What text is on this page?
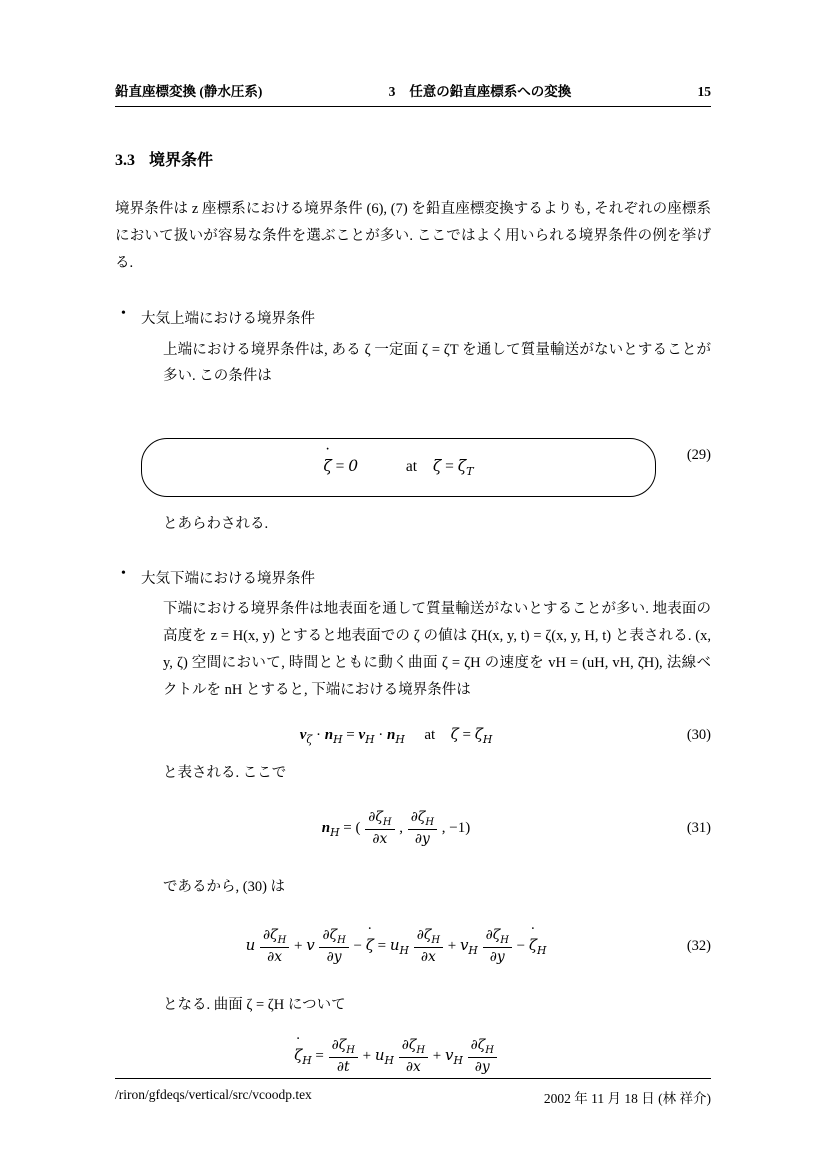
鉛直座標変換 (静水圧系)	3 任意の鉛直座標系への変換	15
3.3 境界条件

境界条件は z 座標系における境界条件 (6), (7) を鉛直座標変換するよりも, それぞれの座標系において扱いが容易な条件を選ぶことが多い. ここではよく用いられる境界条件の例を挙げる.

• 大気上端における境界条件
上端における境界条件は, ある ζ 一定面 ζ = ζT を通して質量輸送がないとすることが多い. この条件は
ζ ˙ = 0	at $\zeta = \zeta_T$
(29)
とあらわされる.
• 大気下端における境界条件
下端における境界条件は地表面を通して質量輸送がないとすることが多い. 地表面の高度を z = H(x, y) とすると地表面での ζ の値は ζH(x, y, t) = ζ(x, y, H, t) と表される. (x, y, ζ) 空間において, 時間とともに動く曲面 ζ = ζH の速度を vH = (uH, vH, ζ̇H), 法線ベクトルを nH とすると, 下端における境界条件は
$v_\zeta \cdot n_H = v_H \cdot n_H$ at $\zeta = \zeta_H$	(30)
と表される. ここで
$n_H$ = ( $\frac{\partial\zeta_H}{\partial x}$ , $\frac{\partial\zeta_H}{\partial y}$ , −1)	(31)
であるから, (30) は
u $\frac{\partial\zeta_H}{\partial x} + v \frac{\partial\zeta_H}{\partial y} - \zeta$ ˙ = $u_H \frac{\partial\zeta_H}{\partial x} + v_H \frac{\partial\zeta_H}{\partial y} - \zeta$ $˙_H$	(32)
となる. 曲面 ζ = ζH について
ζ $˙_H = \frac{\partial\zeta_H}{\partial t} + u_H \frac{\partial\zeta_H}{\partial x} + v_H \frac{\partial\zeta_H}{\partial y}$
/riron/gfdeqs/vertical/src/vcoodp.tex	2002 年 11 月 18 日 (林 祥介)
